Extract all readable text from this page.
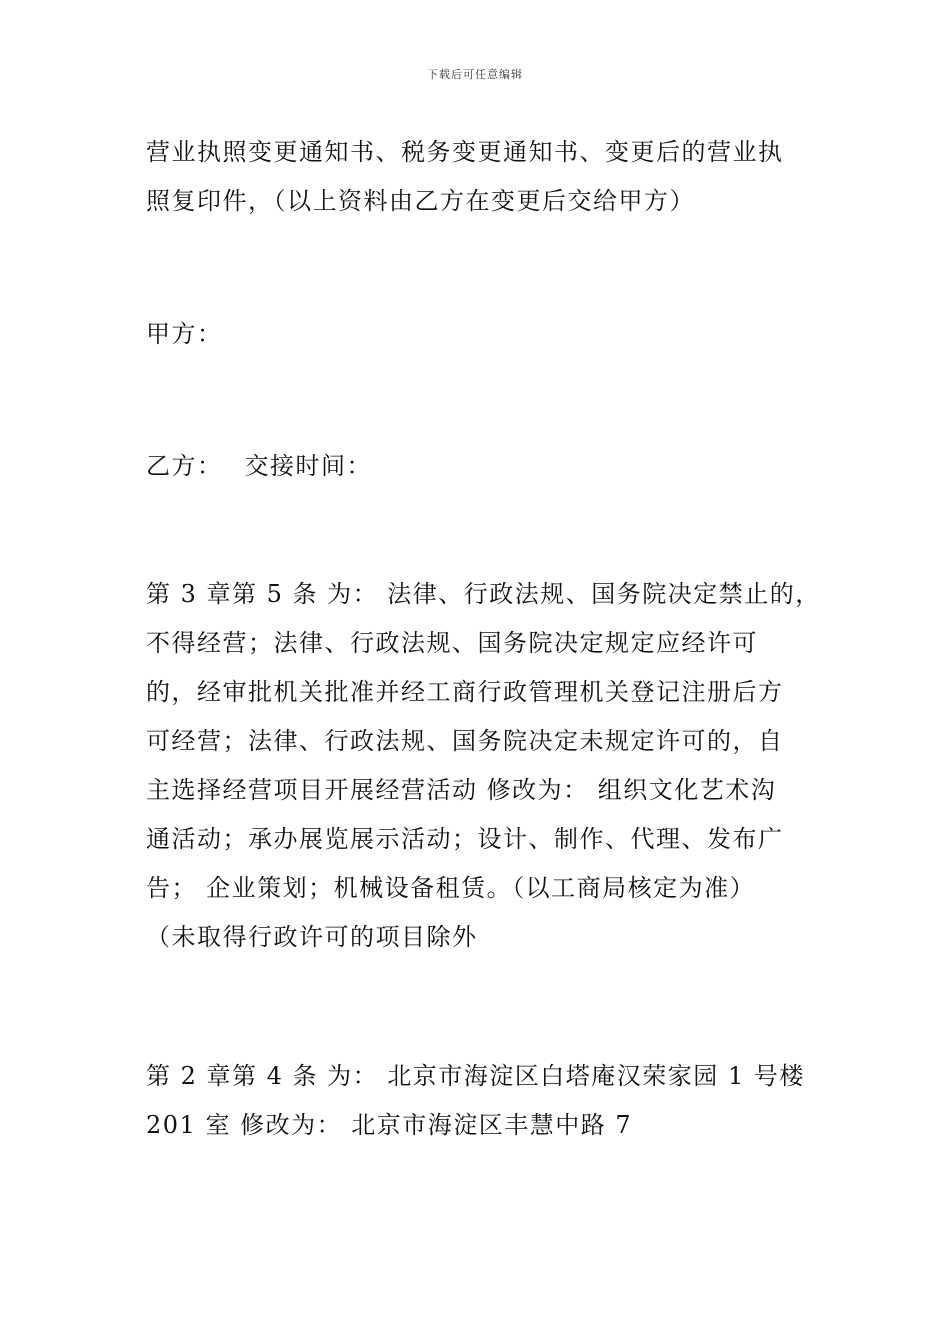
下载后可任意编辑
营业执照变更通知书、税务变更通知书、变更后的营业执
照复印件，（以上资料由乙方在变更后交给甲方）
甲方：
乙方： 交接时间：
第 3 章第 5 条 为： 法律、行政法规、国务院决定禁止的，
不得经营；法律、行政法规、国务院决定规定应经许可
的，经审批机关批准并经工商行政管理机关登记注册后方
可经营；法律、行政法规、国务院决定未规定许可的，自
主选择经营项目开展经营活动 修改为： 组织文化艺术沟
通活动；承办展览展示活动；设计、制作、代理、发布广
告； 企业策划；机械设备租赁。（以工商局核定为准）
（未取得行政许可的项目除外
第 2 章第 4 条 为： 北京市海淀区白塔庵汉荣家园 1 号楼
201 室 修改为： 北京市海淀区丰慧中路 7
